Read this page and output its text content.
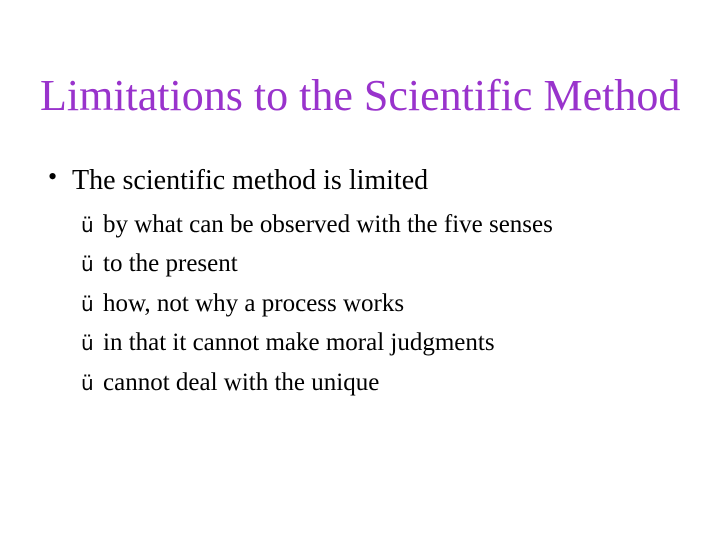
Limitations to the Scientific Method
• The scientific method is limited
ü by what can be observed with the five senses
ü to the present
ü how, not why a process works
ü in that it cannot make moral judgments
ü cannot deal with the unique
